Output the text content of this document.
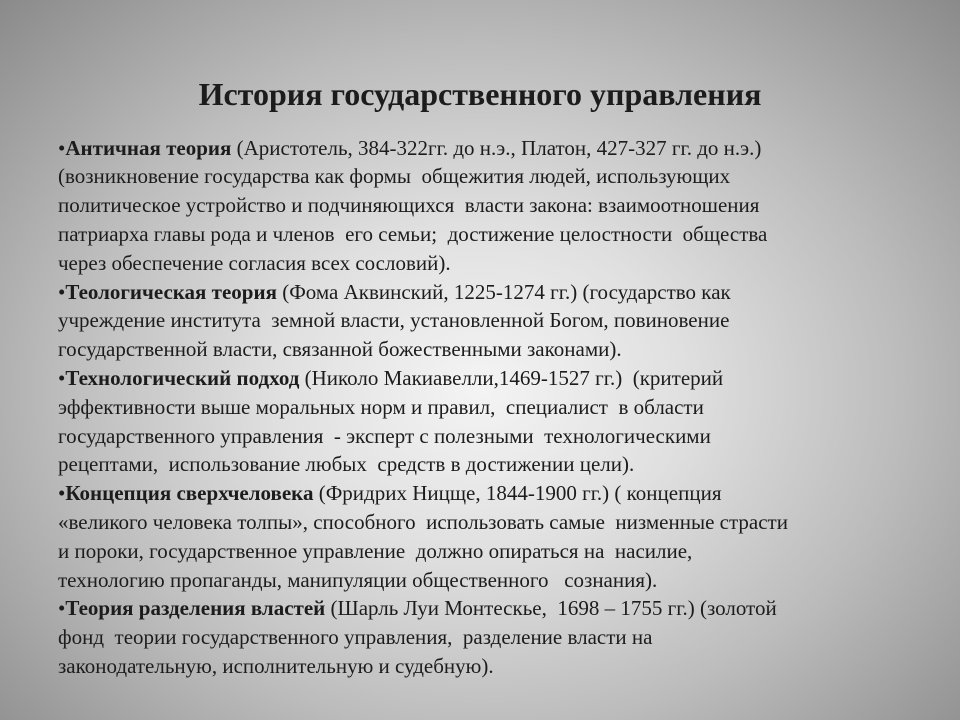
История государственного управления
•Античная теория (Аристотель, 384-322гг. до н.э., Платон, 427-327 гг. до н.э.)
(возникновение государства как формы  общежития людей, использующих
политическое устройство и подчиняющихся  власти закона: взаимоотношения
патриарха главы рода и членов  его семьи;  достижение целостности  общества
через обеспечение согласия всех сословий).
•Теологическая теория (Фома Аквинский, 1225-1274 гг.) (государство как
учреждение института  земной власти, установленной Богом, повиновение
государственной власти, связанной божественными законами).
•Технологический подход (Николо Макиавелли,1469-1527 гг.)  (критерий
эффективности выше моральных норм и правил,  специалист  в области
государственного управления  - эксперт с полезными  технологическими
рецептами,  использование любых  средств в достижении цели).
•Концепция сверхчеловека (Фридрих Ницще, 1844-1900 гг.) ( концепция
«великого человека толпы», способного  использовать самые  низменные страсти
и пороки, государственное управление  должно опираться на  насилие,
технологию пропаганды, манипуляции общественного   сознания).
•Теория разделения властей (Шарль Луи Монтескье,  1698 – 1755 гг.) (золотой
фонд  теории государственного управления,  разделение власти на
законодательную, исполнительную и судебную).
